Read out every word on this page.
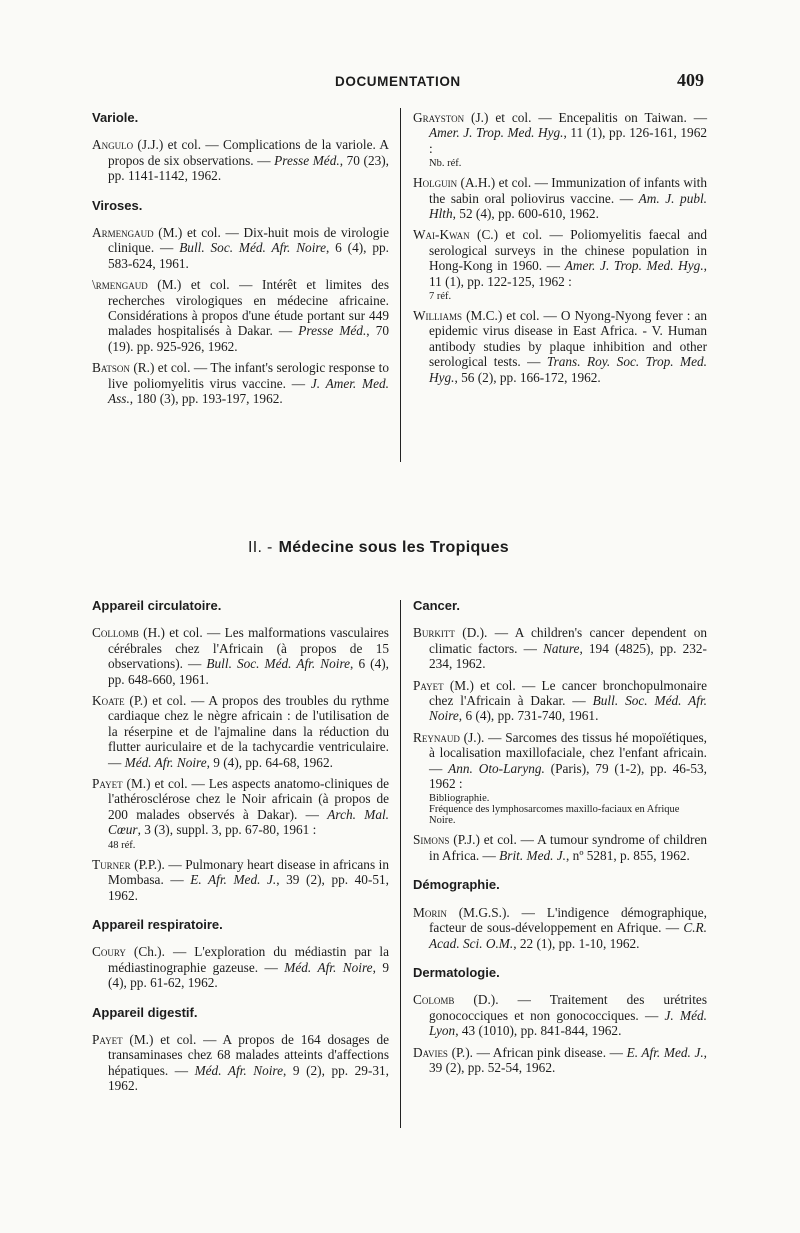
DOCUMENTATION	409
Variole.

Angulo (J.J.) et col. — Complications de la variole. A propos de six observations. — Presse Méd., 70 (23), pp. 1141-1142, 1962.

Viroses.

Armengaud (M.) et col. — Dix-huit mois de virologie clinique. — Bull. Soc. Méd. Afr. Noire, 6 (4), pp. 583-624, 1961.

\rmengaud (M.) et col. — Intérêt et limites des recherches virologiques en médecine africaine. Considérations à propos d'une étude portant sur 449 malades hospitalisés à Dakar. — Presse Méd., 70 (19). pp. 925-926, 1962.

Batson (R.) et col. — The infant's serologic response to live poliomyelitis virus vaccine. — J. Amer. Med. Ass., 180 (3), pp. 193-197, 1962.

Grayston (J.) et col. — Encepalitis on Taiwan. — Amer. J. Trop. Med. Hyg., 11 (1), pp. 126-161, 1962 :

Nb. réf.

Holguin (A.H.) et col. — Immunization of infants with the sabin oral poliovirus vaccine. — Am. J. publ. Hlth, 52 (4), pp. 600-610, 1962.

Wai-Kwan (C.) et col. — Poliomyelitis faecal and serological surveys in the chinese population in Hong-Kong in 1960. — Amer. J. Trop. Med. Hyg., 11 (1), pp. 122-125, 1962 :

7 réf.

Williams (M.C.) et col. — O Nyong-Nyong fever : an epidemic virus disease in East Africa. - V. Human antibody studies by plaque inhibition and other serological tests. — Trans. Roy. Soc. Trop. Med. Hyg., 56 (2), pp. 166-172, 1962.

II. - Médecine sous les Tropiques
Appareil circulatoire.

Collomb (H.) et col. — Les malformations vasculaires cérébrales chez l'Africain (à propos de 15 observations). — Bull. Soc. Méd. Afr. Noire, 6 (4), pp. 648-660, 1961.

Koate (P.) et col. — A propos des troubles du rythme cardiaque chez le nègre africain : de l'utilisation de la réserpine et de l'ajmaline dans la réduction du flutter auriculaire et de la tachycardie ventriculaire. — Méd. Afr. Noire, 9 (4), pp. 64-68, 1962.

Payet (M.) et col. — Les aspects anatomo-cliniques de l'athérosclérose chez le Noir africain (à propos de 200 malades observés à Dakar). — Arch. Mal. Cœur, 3 (3), suppl. 3, pp. 67-80, 1961 :

48 réf.

Turner (P.P.). — Pulmonary heart disease in africans in Mombasa. — E. Afr. Med. J., 39 (2), pp. 40-51, 1962.

Appareil respiratoire.

Coury (Ch.). — L'exploration du médiastin par la médiastinographie gazeuse. — Méd. Afr. Noire, 9 (4), pp. 61-62, 1962.

Appareil digestif.

Payet (M.) et col. — A propos de 164 dosages de transaminases chez 68 malades atteints d'affections hépatiques. — Méd. Afr. Noire, 9 (2), pp. 29-31, 1962.

Cancer.

Burkitt (D.). — A children's cancer dependent on climatic factors. — Nature, 194 (4825), pp. 232-234, 1962.

Payet (M.) et col. — Le cancer bronchopulmonaire chez l'Africain à Dakar. — Bull. Soc. Méd. Afr. Noire, 6 (4), pp. 731-740, 1961.

Reynaud (J.). — Sarcomes des tissus hé mopoïétiques, à localisation maxillofaciale, chez l'enfant africain. — Ann. Oto-Laryng. (Paris), 79 (1-2), pp. 46-53, 1962 :

Bibliographie.
Fréquence des lymphosarcomes maxillo-faciaux en Afrique Noire.

Simons (P.J.) et col. — A tumour syndrome of children in Africa. — Brit. Med. J., nº 5281, p. 855, 1962.

Démographie.

Morin (M.G.S.). — L'indigence démographique, facteur de sous-développement en Afrique. — C.R. Acad. Sci. O.M., 22 (1), pp. 1-10, 1962.

Dermatologie.

Colomb (D.). — Traitement des urétrites gonococciques et non gonococciques. — J. Méd. Lyon, 43 (1010), pp. 841-844, 1962.

Davies (P.). — African pink disease. — E. Afr. Med. J., 39 (2), pp. 52-54, 1962.
